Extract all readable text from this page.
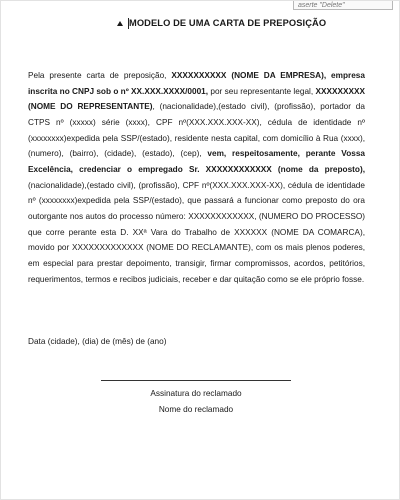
aserte "Delete"
MODELO DE UMA CARTA DE PREPOSIÇÃO

Pela presente carta de preposição, XXXXXXXXXX (NOME DA EMPRESA), empresa inscrita no CNPJ sob o nº XX.XXX.XXXX/0001, por seu representante legal, XXXXXXXXX (NOME DO REPRESENTANTE), (nacionalidade),(estado civil), (profissão), portador da CTPS nº (xxxxx) série (xxxx), CPF nº(XXX.XXX.XXX-XX), cédula de identidade nº (xxxxxxxx)expedida pela SSP/(estado), residente nesta capital, com domicílio à Rua (xxxx), (numero), (bairro), (cidade), (estado), (cep), vem, respeitosamente, perante Vossa Excelência, credenciar o empregado Sr. XXXXXXXXXXXX (nome da preposto),(nacionalidade),(estado civil), (profissão), CPF nº(XXX.XXX.XXX-XX), cédula de identidade nº (xxxxxxxx)expedida pela SSP/(estado), que passará a funcionar como preposto do ora outorgante nos autos do processo número: XXXXXXXXXXXX, (NUMERO DO PROCESSO) que corre perante esta D. XXª Vara do Trabalho de XXXXXX (NOME DA COMARCA), movido por XXXXXXXXXXXXX (NOME DO RECLAMANTE), com os mais plenos poderes, em especial para prestar depoimento, transigir, firmar compromissos, acordos, petitórios, requerimentos, termos e recibos judiciais, receber e dar quitação como se ele próprio fosse.

Data (cidade), (dia) de (mês) de (ano)
Assinatura do reclamado
Nome do reclamado
